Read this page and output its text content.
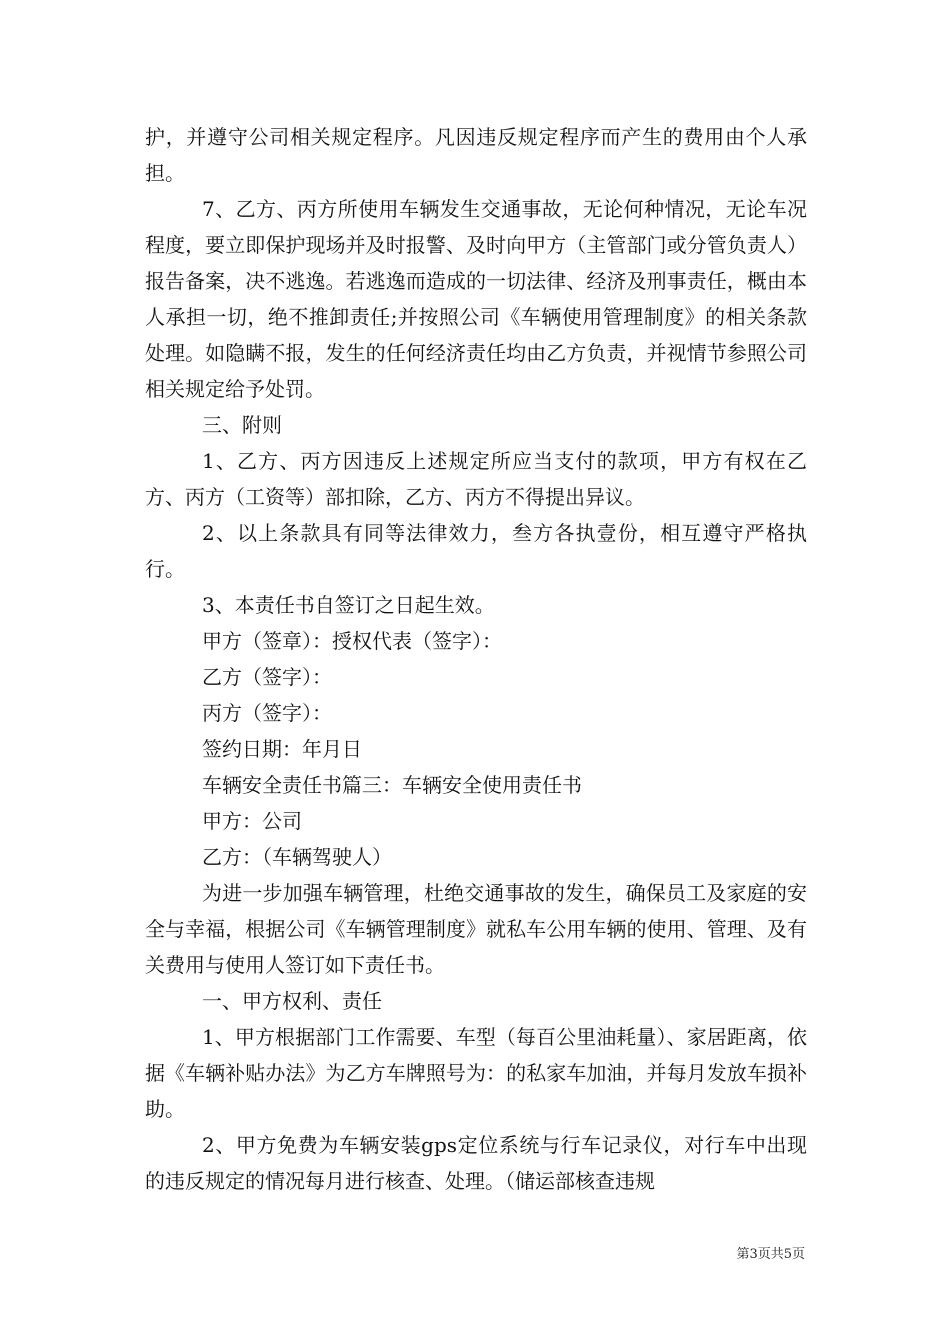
护，并遵守公司相关规定程序。凡因违反规定程序而产生的费用由个人承担。

7、乙方、丙方所使用车辆发生交通事故，无论何种情况，无论车况程度，要立即保护现场并及时报警、及时向甲方（主管部门或分管负责人）报告备案，决不逃逸。若逃逸而造成的一切法律、经济及刑事责任，概由本人承担一切，绝不推卸责任;并按照公司《车辆使用管理制度》的相关条款处理。如隐瞒不报，发生的任何经济责任均由乙方负责，并视情节参照公司相关规定给予处罚。

三、附则

1、乙方、丙方因违反上述规定所应当支付的款项，甲方有权在乙方、丙方（工资等）部扣除，乙方、丙方不得提出异议。

2、以上条款具有同等法律效力，叁方各执壹份，相互遵守严格执行。

3、本责任书自签订之日起生效。

甲方（签章）：授权代表（签字）：

乙方（签字）：

丙方（签字）：

签约日期：年月日

车辆安全责任书篇三：车辆安全使用责任书

甲方：公司

乙方：（车辆驾驶人）

为进一步加强车辆管理，杜绝交通事故的发生，确保员工及家庭的安全与幸福，根据公司《车辆管理制度》就私车公用车辆的使用、管理、及有关费用与使用人签订如下责任书。

一、甲方权利、责任

1、甲方根据部门工作需要、车型（每百公里油耗量）、家居距离，依据《车辆补贴办法》为乙方车牌照号为：的私家车加油，并每月发放车损补助。

2、甲方免费为车辆安装gps定位系统与行车记录仪，对行车中出现的违反规定的情况每月进行核查、处理。（储运部核查违规

第3页共5页
